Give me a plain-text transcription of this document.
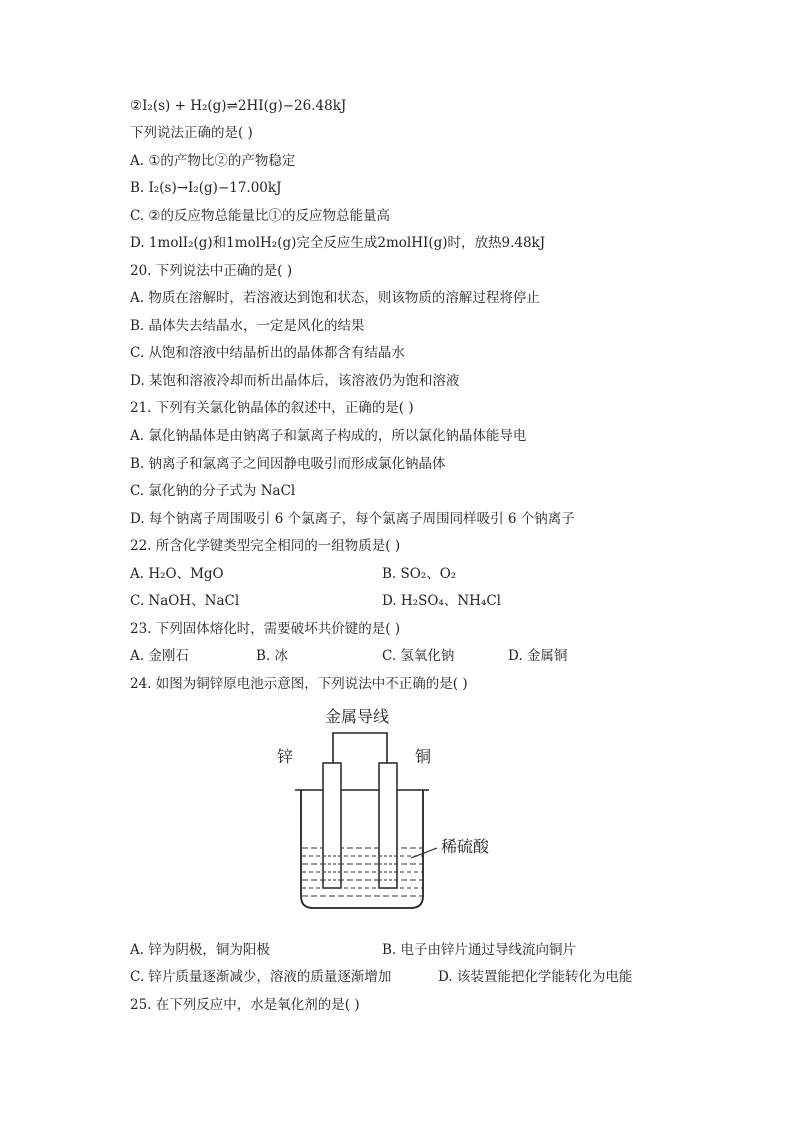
②I₂(s) + H₂(g)⇌2HI(g)−26.48kJ
下列说法正确的是( )
A. ①的产物比②的产物稳定
B. I₂(s)→I₂(g)−17.00kJ
C. ②的反应物总能量比①的反应物总能量高
D. 1molI₂(g)和1molH₂(g)完全反应生成2molHI(g)时，放热9.48kJ
20. 下列说法中正确的是( )
A. 物质在溶解时，若溶液达到饱和状态，则该物质的溶解过程将停止
B. 晶体失去结晶水，一定是风化的结果
C. 从饱和溶液中结晶析出的晶体都含有结晶水
D. 某饱和溶液冷却而析出晶体后，该溶液仍为饱和溶液
21. 下列有关氯化钠晶体的叙述中，正确的是( )
A. 氯化钠晶体是由钠离子和氯离子构成的，所以氯化钠晶体能导电
B. 钠离子和氯离子之间因静电吸引而形成氯化钠晶体
C. 氯化钠的分子式为 NaCl
D. 每个钠离子周围吸引 6 个氯离子，每个氯离子周围同样吸引 6 个钠离子
22. 所含化学键类型完全相同的一组物质是( )
A. H₂O、MgO	B. SO₂、O₂
C. NaOH、NaCl	D. H₂SO₄、NH₄Cl
23. 下列固体熔化时，需要破坏共价键的是( )
A. 金刚石	B. 冰	C. 氢氧化钠	D. 金属铜
24. 如图为铜锌原电池示意图，下列说法中不正确的是( )
金属导线
锌	铜
稀硫酸
A. 锌为阴极，铜为阳极	B. 电子由锌片通过导线流向铜片
C. 锌片质量逐渐减少，溶液的质量逐渐增加	D. 该装置能把化学能转化为电能
25. 在下列反应中，水是氧化剂的是( )
